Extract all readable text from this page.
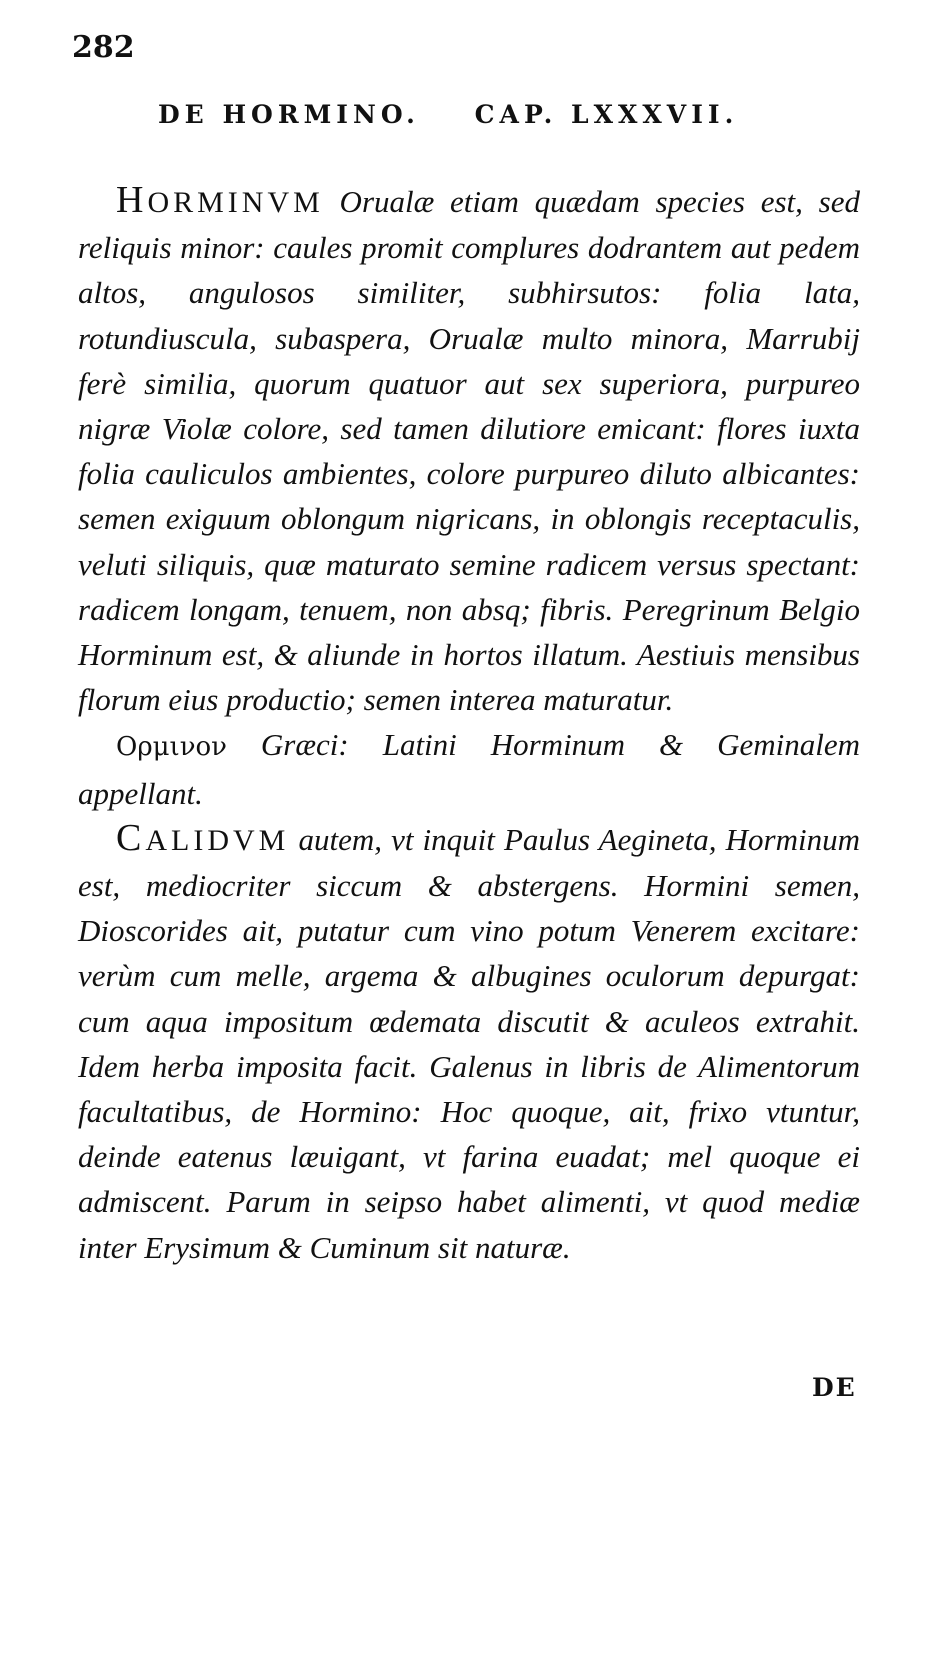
282
DE HORMINO.    CAP. LXXXVII.

HORMINVM Orualæ etiam quædam species est, sed reliquis minor: caules promit complures dodrantem aut pedem altos, angulosos similiter, subhirsutos: folia lata, rotundiuscula, subaspera, Orualæ multo minora, Marrubij ferè similia, quorum quatuor aut sex superiora, purpureo nigræ Violæ colore, sed tamen dilutiore emicant: flores iuxta folia cauliculos ambientes, colore purpureo diluto albicantes: semen exiguum oblongum nigricans, in oblongis receptaculis, veluti siliquis, quæ maturato semine radicem versus spectant: radicem longam, tenuem, non absq; fibris. Peregrinum Belgio Horminum est, & aliunde in hortos illatum. Aestiuis mensibus florum eius productio; semen interea maturatur.

Ορμινον Græci: Latini Horminum & Geminalem appellant.

CALIDVM autem, vt inquit Paulus Aegineta, Horminum est, mediocriter siccum & abstergens. Hormini semen, Dioscorides ait, putatur cum vino potum Venerem excitare: verùm cum melle, argema & albugines oculorum depurgat: cum aqua impositum œdemata discutit & aculeos extrahit. Idem herba imposita facit. Galenus in libris de Alimentorum facultatibus, de Hormino: Hoc quoque, ait, frixo vtuntur, deinde eatenus læuigant, vt farina euadat; mel quoque ei admiscent. Parum in seipso habet alimenti, vt quod mediæ inter Erysimum & Cuminum sit naturæ.

DE
